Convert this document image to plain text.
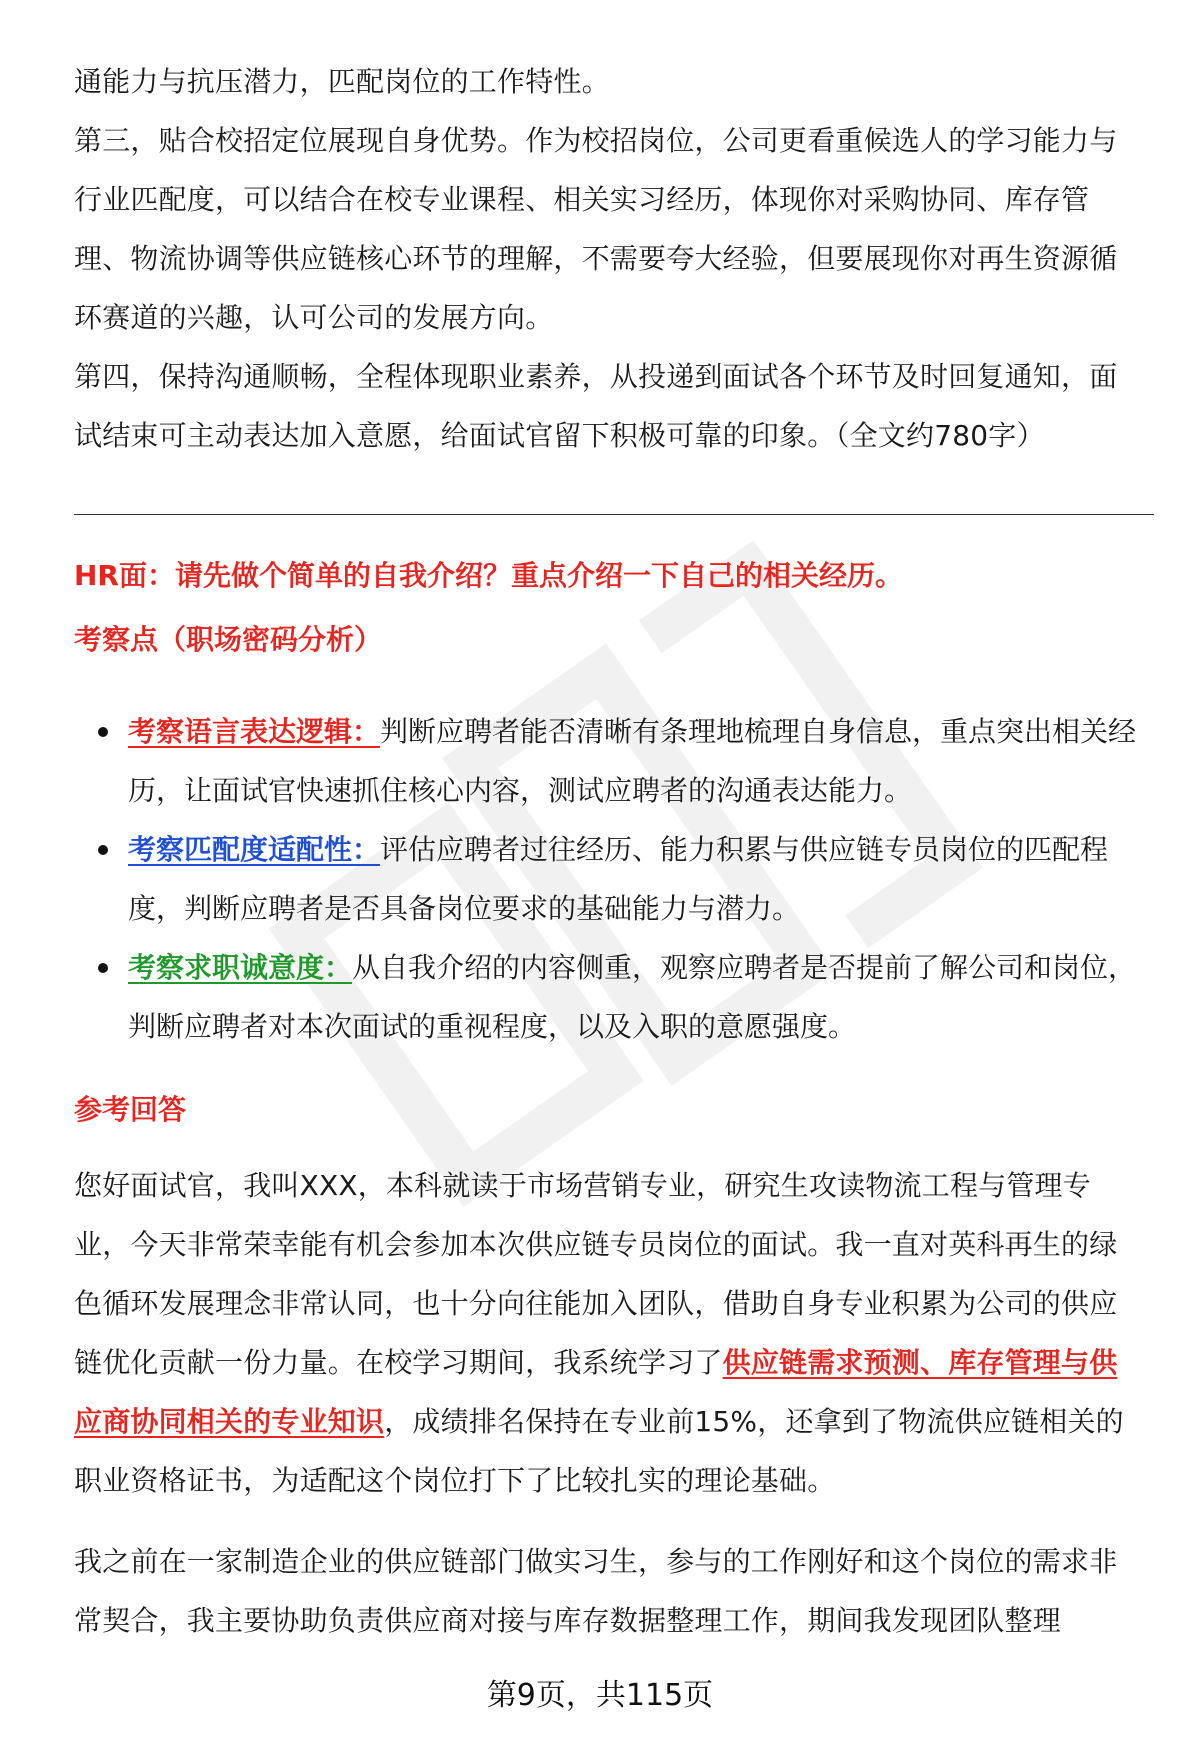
通能力与抗压潜力，匹配岗位的工作特性。

第三，贴合校招定位展现自身优势。作为校招岗位，公司更看重候选人的学习能力与行业匹配度，可以结合在校专业课程、相关实习经历，体现你对采购协同、库存管理、物流协调等供应链核心环节的理解，不需要夸大经验，但要展现你对再生资源循环赛道的兴趣，认可公司的发展方向。

第四，保持沟通顺畅，全程体现职业素养，从投递到面试各个环节及时回复通知，面试结束可主动表达加入意愿，给面试官留下积极可靠的印象。（全文约780字）

HR面：请先做个简单的自我介绍？重点介绍一下自己的相关经历。

考察点（职场密码分析）

考察语言表达逻辑：判断应聘者能否清晰有条理地梳理自身信息，重点突出相关经历，让面试官快速抓住核心内容，测试应聘者的沟通表达能力。
考察匹配度适配性：评估应聘者过往经历、能力积累与供应链专员岗位的匹配程度，判断应聘者是否具备岗位要求的基础能力与潜力。
考察求职诚意度：从自我介绍的内容侧重，观察应聘者是否提前了解公司和岗位，判断应聘者对本次面试的重视程度，以及入职的意愿强度。

参考回答

您好面试官，我叫XXX，本科就读于市场营销专业，研究生攻读物流工程与管理专业，今天非常荣幸能有机会参加本次供应链专员岗位的面试。我一直对英科再生的绿色循环发展理念非常认同，也十分向往能加入团队，借助自身专业积累为公司的供应链优化贡献一份力量。在校学习期间，我系统学习了供应链需求预测、库存管理与供应商协同相关的专业知识，成绩排名保持在专业前15%，还拿到了物流供应链相关的职业资格证书，为适配这个岗位打下了比较扎实的理论基础。

我之前在一家制造企业的供应链部门做实习生，参与的工作刚好和这个岗位的需求非常契合，我主要协助负责供应商对接与库存数据整理工作，期间我发现团队整理

第9页，共115页
